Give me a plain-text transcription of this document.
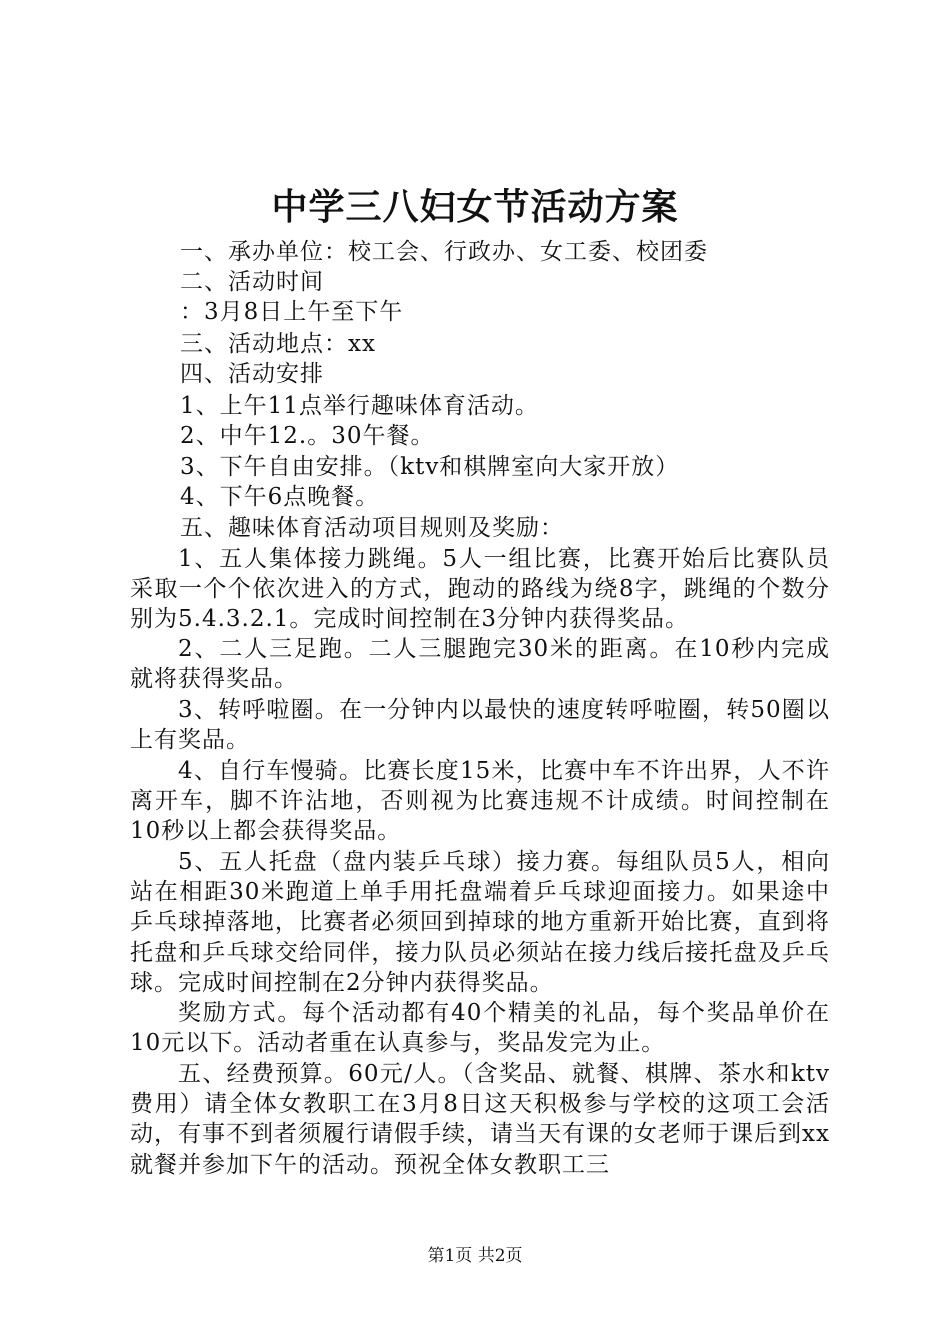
中学三八妇女节活动方案
一、承办单位：校工会、行政办、女工委、校团委
二、活动时间
：3月8日上午至下午
三、活动地点：xx
四、活动安排
1、上午11点举行趣味体育活动。
2、中午12.。30午餐。
3、下午自由安排。（ktv和棋牌室向大家开放）
4、下午6点晚餐。
五、趣味体育活动项目规则及奖励：
1、五人集体接力跳绳。5人一组比赛，比赛开始后比赛队员采取一个个依次进入的方式，跑动的路线为绕8字，跳绳的个数分别为5.4.3.2.1。完成时间控制在3分钟内获得奖品。
2、二人三足跑。二人三腿跑完30米的距离。在10秒内完成就将获得奖品。
3、转呼啦圈。在一分钟内以最快的速度转呼啦圈，转50圈以上有奖品。
4、自行车慢骑。比赛长度15米，比赛中车不许出界，人不许离开车，脚不许沾地，否则视为比赛违规不计成绩。时间控制在10秒以上都会获得奖品。
5、五人托盘（盘内装乒乓球）接力赛。每组队员5人，相向站在相距30米跑道上单手用托盘端着乒乓球迎面接力。如果途中乒乓球掉落地，比赛者必须回到掉球的地方重新开始比赛，直到将托盘和乒乓球交给同伴，接力队员必须站在接力线后接托盘及乒乓球。完成时间控制在2分钟内获得奖品。
奖励方式。每个活动都有40个精美的礼品，每个奖品单价在10元以下。活动者重在认真参与，奖品发完为止。
五、经费预算。60元/人。（含奖品、就餐、棋牌、茶水和ktv费用）请全体女教职工在3月8日这天积极参与学校的这项工会活动，有事不到者须履行请假手续，请当天有课的女老师于课后到xx就餐并参加下午的活动。预祝全体女教职工三
第1页 共2页
